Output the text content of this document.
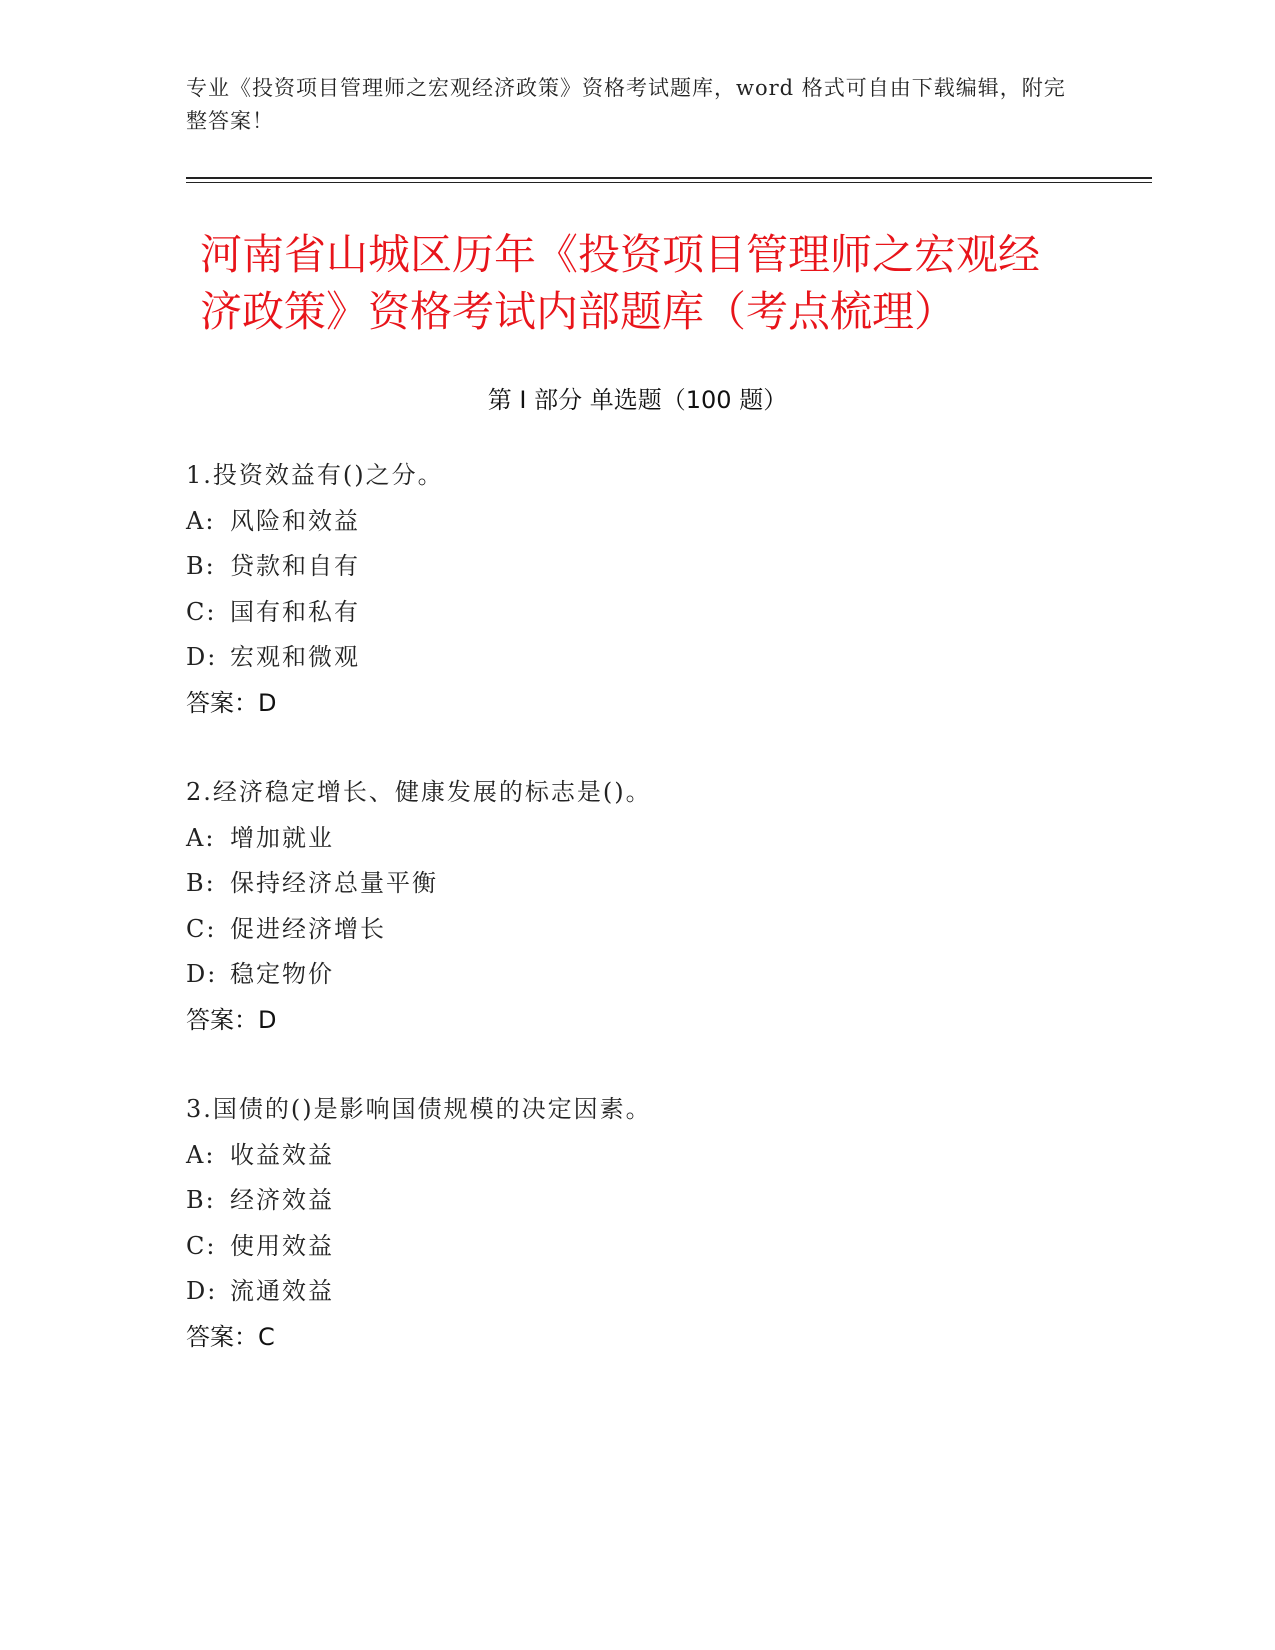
专业《投资项目管理师之宏观经济政策》资格考试题库，word 格式可自由下载编辑，附完整答案！
河南省山城区历年《投资项目管理师之宏观经济政策》资格考试内部题库（考点梳理）
第 I 部分 单选题（100 题）
1.投资效益有()之分。
A: 风险和效益
B: 贷款和自有
C: 国有和私有
D: 宏观和微观
答案：D
2.经济稳定增长、健康发展的标志是()。
A: 增加就业
B: 保持经济总量平衡
C: 促进经济增长
D: 稳定物价
答案：D
3.国债的()是影响国债规模的决定因素。
A: 收益效益
B: 经济效益
C: 使用效益
D: 流通效益
答案：C
